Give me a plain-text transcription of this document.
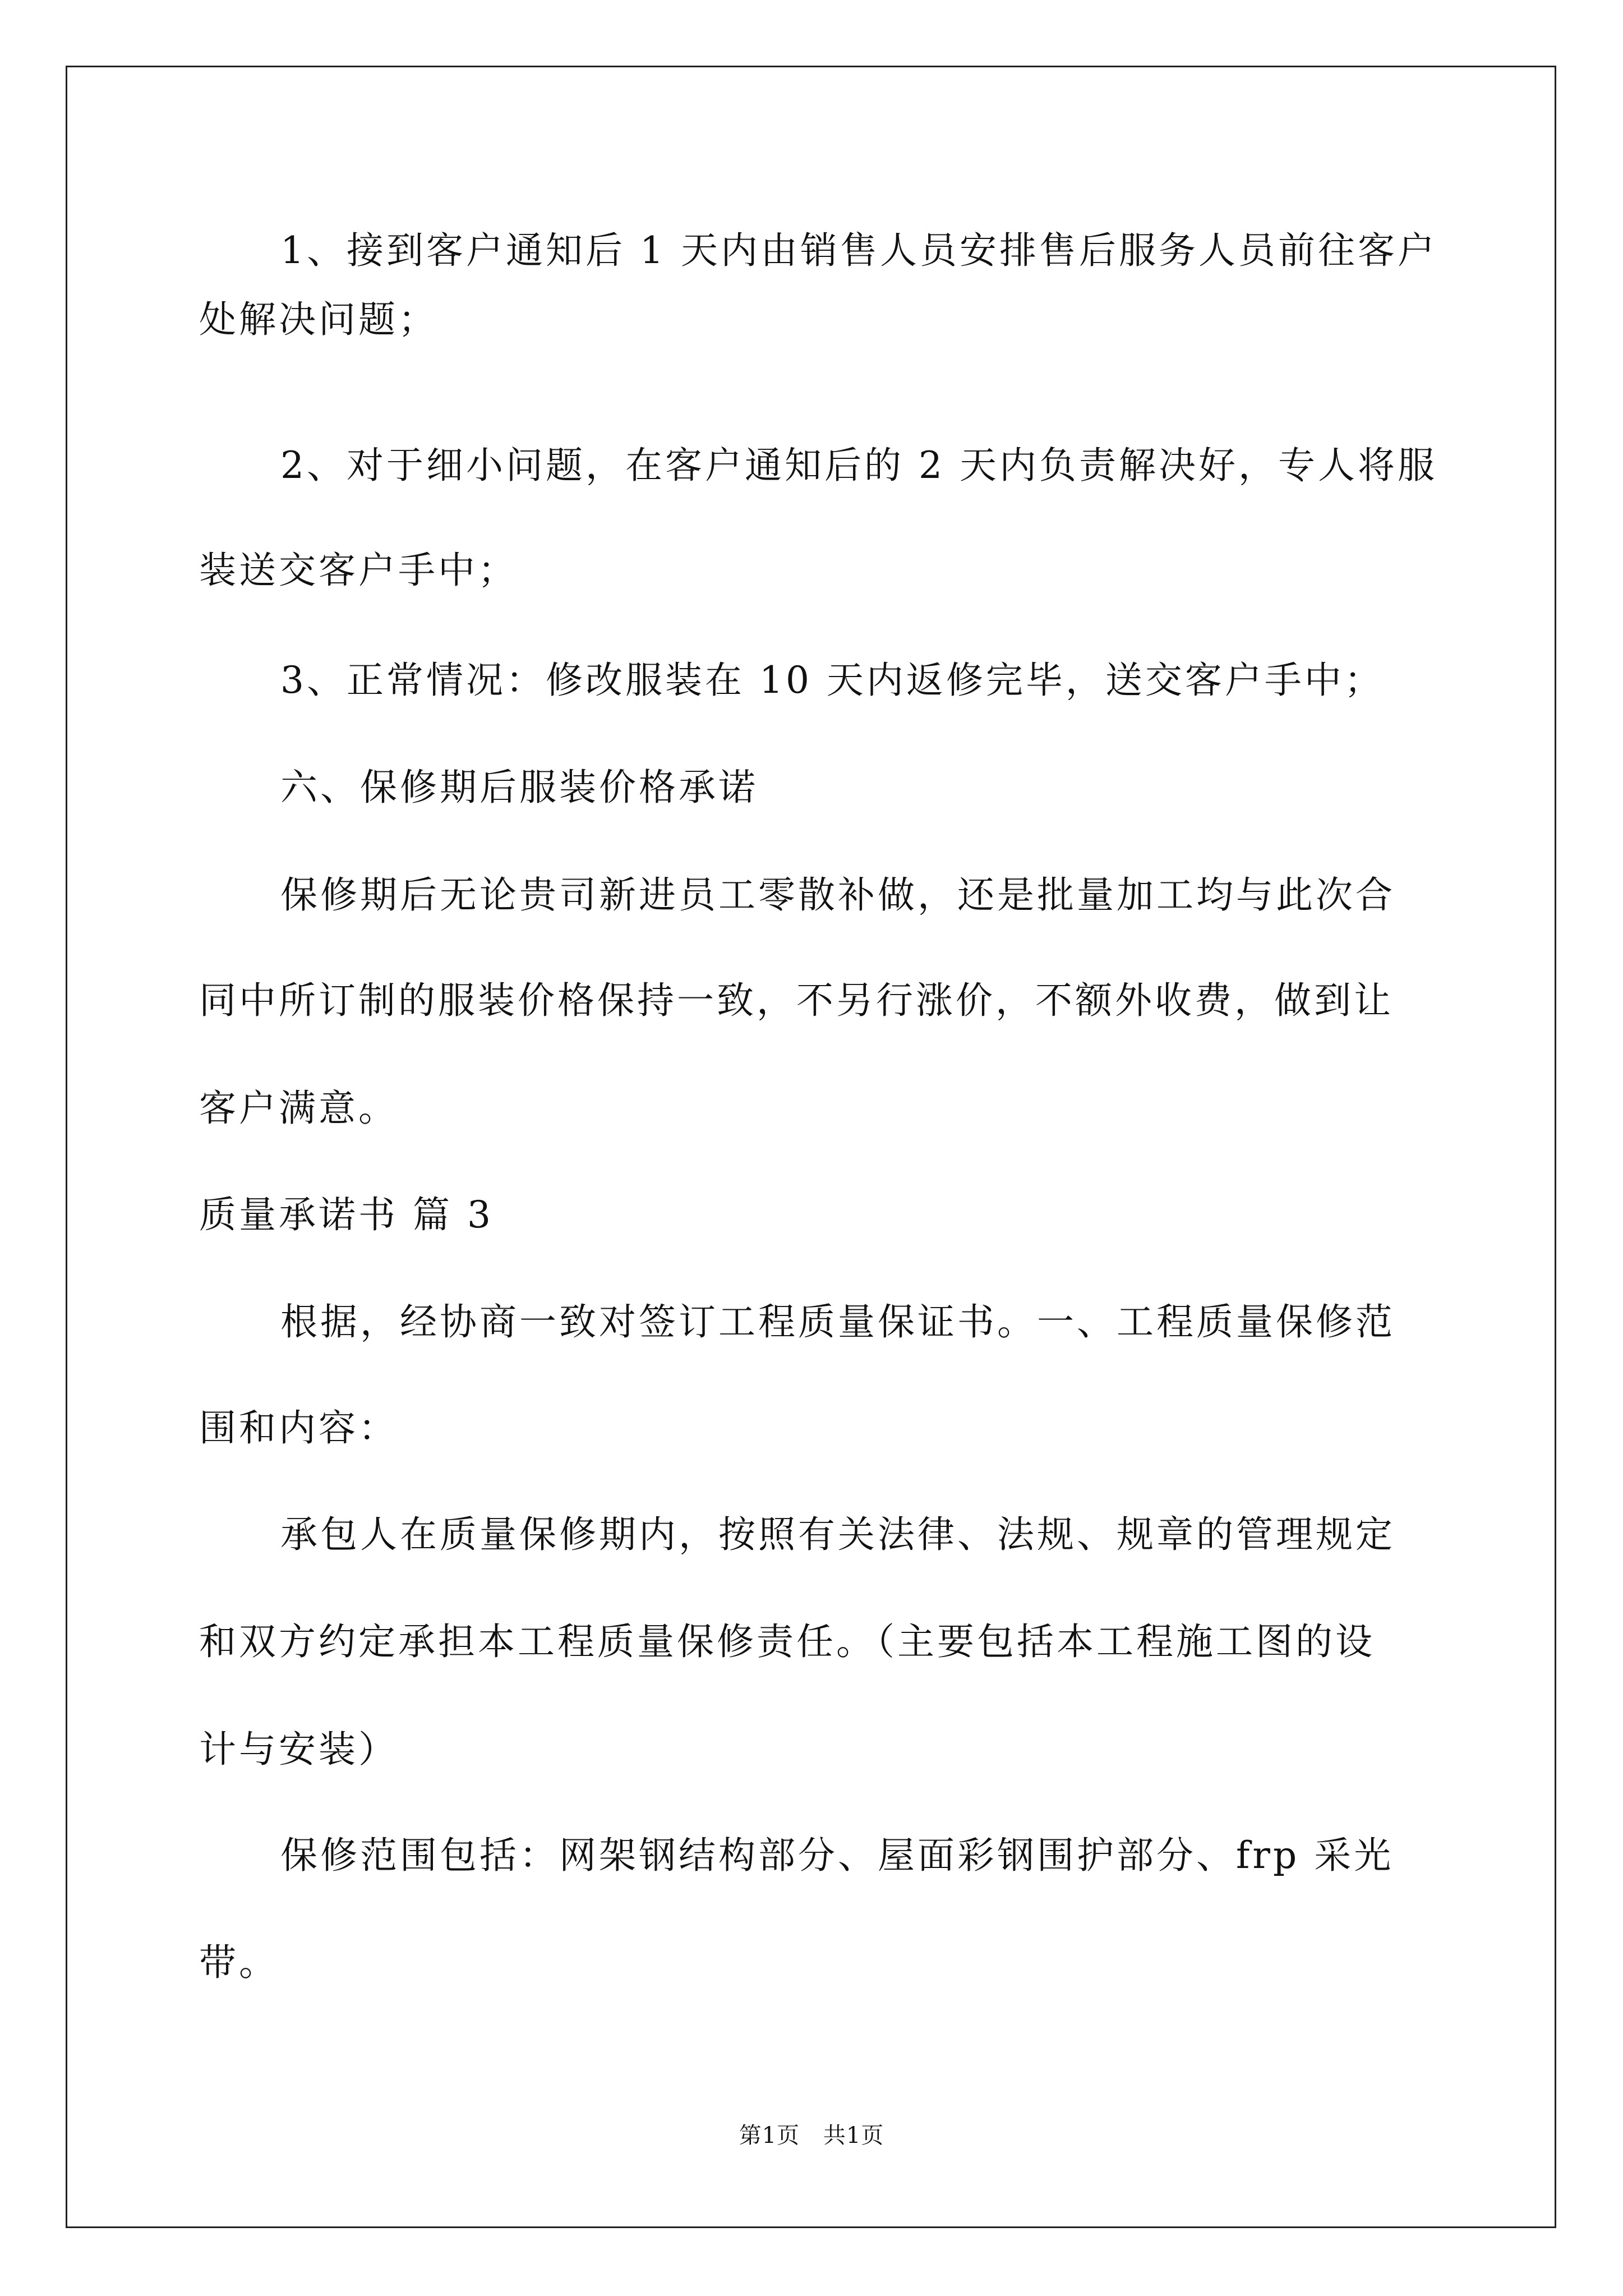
1、接到客户通知后 1 天内由销售人员安排售后服务人员前往客户
处解决问题；
2、对于细小问题，在客户通知后的 2 天内负责解决好，专人将服
装送交客户手中；
3、正常情况：修改服装在 10 天内返修完毕，送交客户手中；
六、保修期后服装价格承诺
保修期后无论贵司新进员工零散补做，还是批量加工均与此次合
同中所订制的服装价格保持一致，不另行涨价，不额外收费，做到让
客户满意。
质量承诺书 篇 3
根据，经协商一致对签订工程质量保证书。一、工程质量保修范
围和内容：
承包人在质量保修期内，按照有关法律、法规、规章的管理规定
和双方约定承担本工程质量保修责任。（主要包括本工程施工图的设
计与安装）
保修范围包括：网架钢结构部分、屋面彩钢围护部分、frp 采光
带。
第1页 共1页
